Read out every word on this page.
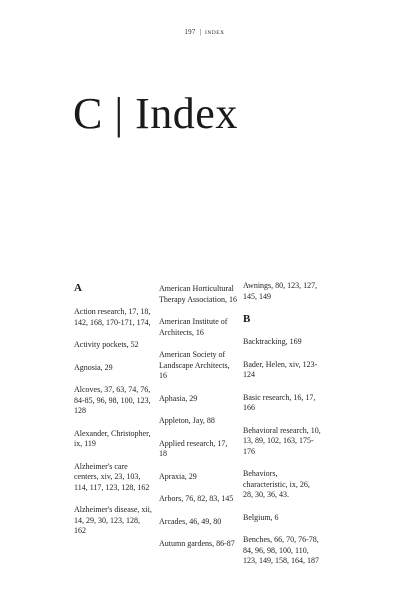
197 | INDEX
C | Index

A

Action research, 17, 18, 142, 168, 170-171, 174,

Activity pockets, 52

Agnosia, 29

Alcoves, 37, 63, 74, 76, 84-85, 96, 98, 100, 123, 128

Alexander, Christopher, ix, 119

Alzheimer's care centers, xiv, 23, 103, 114, 117, 123, 128, 162

Alzheimer's disease, xii, 14, 29, 30, 123, 128, 162

American Horticultural Therapy Association, 16

American Institute of Architects, 16

American Society of Landscape Architects, 16

Aphasia, 29

Appleton, Jay, 88

Applied research, 17, 18

Apraxia, 29

Arbors, 76, 82, 83, 145

Arcades, 46, 49, 80

Autumn gardens, 86-87

Awnings, 80, 123, 127, 145, 149

B

Backtracking, 169

Bader, Helen, xiv, 123-124

Basic research, 16, 17, 166

Behavioral research, 10, 13, 89, 102, 163, 175-176

Behaviors, characteristic, ix, 26, 28, 30, 36, 43.

Belgium, 6

Benches, 66, 70, 76-78, 84, 96, 98, 100, 110, 123, 149, 158, 164, 187
